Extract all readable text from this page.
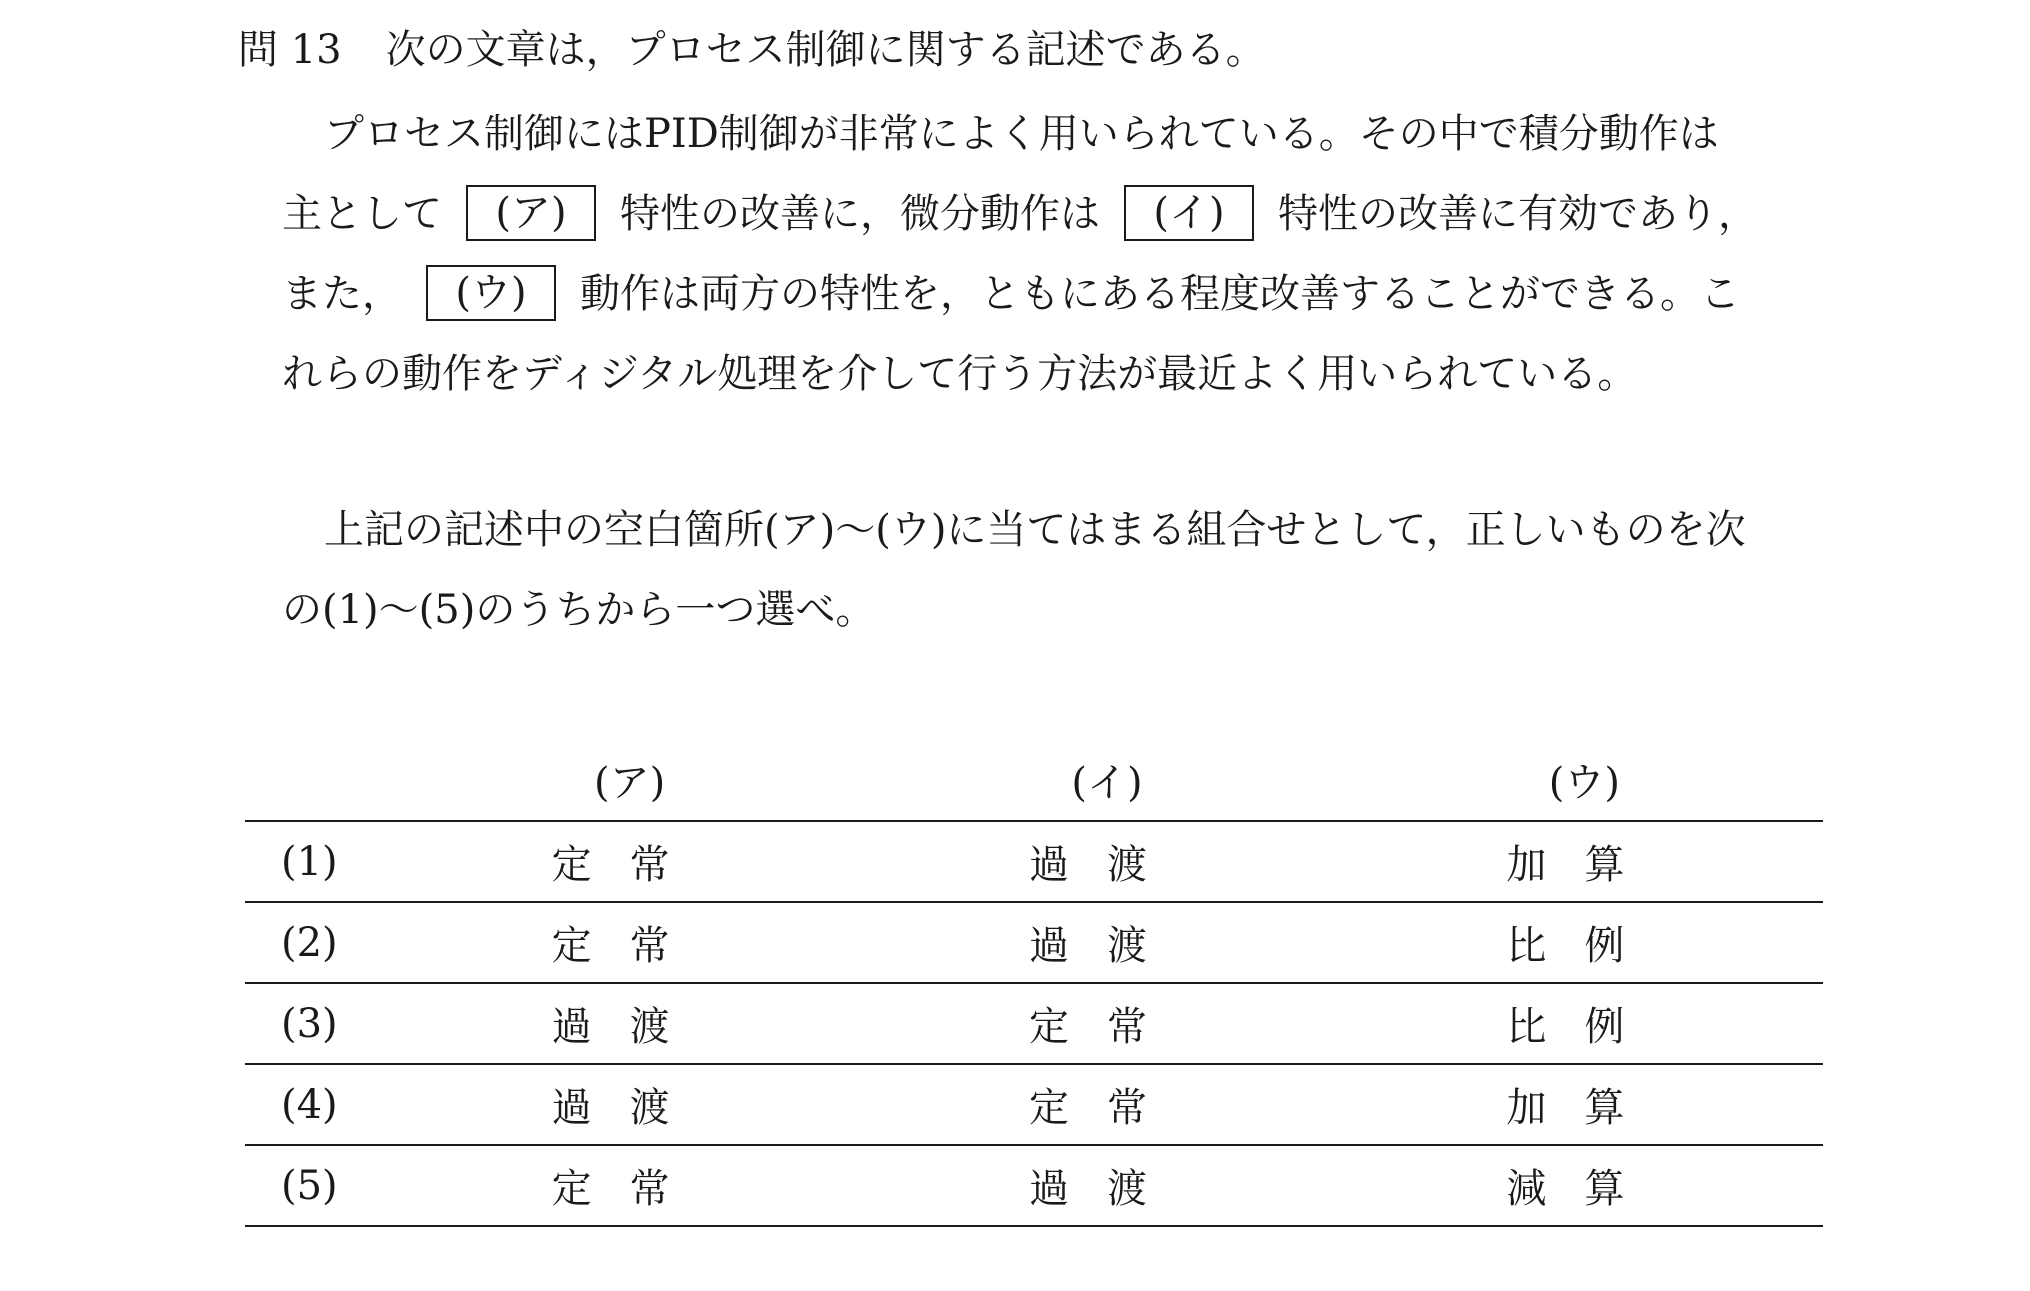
問 13 次の文章は，プロセス制御に関する記述である。
プロセス制御にはPID制御が非常によく用いられている。その中で積分動作は
主として (ア) 特性の改善に，微分動作は (イ) 特性の改善に有効であり，
また， (ウ) 動作は両方の特性を，ともにある程度改善することができる。こ
れらの動作をディジタル処理を介して行う方法が最近よく用いられている。
上記の記述中の空白箇所(ア)～(ウ)に当てはまる組合せとして，正しいものを次
の(1)～(5)のうちから一つ選べ。
	(ア)	(イ)	(ウ)
(1)	定常	過渡	加算
(2)	定常	過渡	比例
(3)	過渡	定常	比例
(4)	過渡	定常	加算
(5)	定常	過渡	減算
